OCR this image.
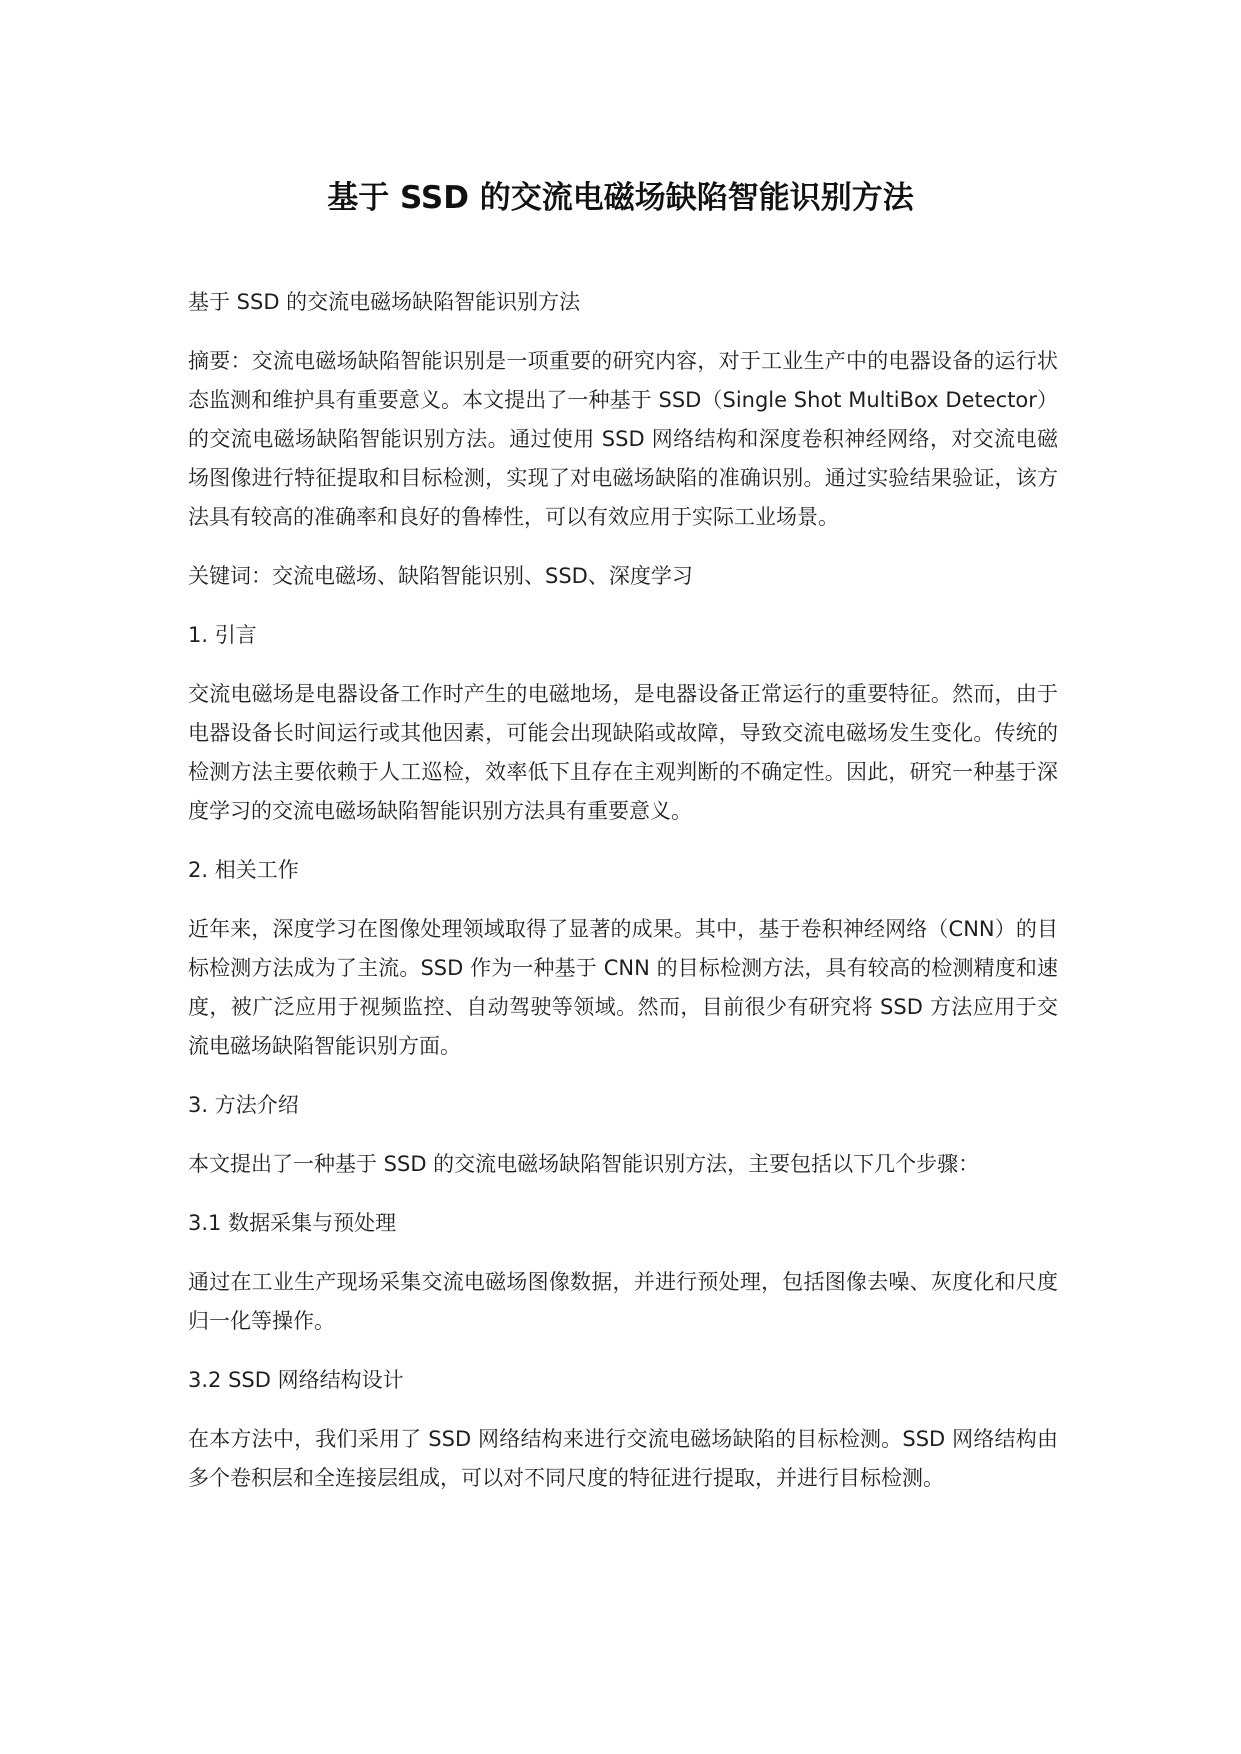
基于 SSD 的交流电磁场缺陷智能识别方法

基于 SSD 的交流电磁场缺陷智能识别方法

摘要：交流电磁场缺陷智能识别是一项重要的研究内容，对于工业生产中的电器设备的运行状态监测和维护具有重要意义。本文提出了一种基于 SSD（Single Shot MultiBox Detector）的交流电磁场缺陷智能识别方法。通过使用 SSD 网络结构和深度卷积神经网络，对交流电磁场图像进行特征提取和目标检测，实现了对电磁场缺陷的准确识别。通过实验结果验证，该方法具有较高的准确率和良好的鲁棒性，可以有效应用于实际工业场景。

关键词：交流电磁场、缺陷智能识别、SSD、深度学习

1. 引言

交流电磁场是电器设备工作时产生的电磁地场，是电器设备正常运行的重要特征。然而，由于电器设备长时间运行或其他因素，可能会出现缺陷或故障，导致交流电磁场发生变化。传统的检测方法主要依赖于人工巡检，效率低下且存在主观判断的不确定性。因此，研究一种基于深度学习的交流电磁场缺陷智能识别方法具有重要意义。

2. 相关工作

近年来，深度学习在图像处理领域取得了显著的成果。其中，基于卷积神经网络（CNN）的目标检测方法成为了主流。SSD 作为一种基于 CNN 的目标检测方法，具有较高的检测精度和速度，被广泛应用于视频监控、自动驾驶等领域。然而，目前很少有研究将 SSD 方法应用于交流电磁场缺陷智能识别方面。

3. 方法介绍

本文提出了一种基于 SSD 的交流电磁场缺陷智能识别方法，主要包括以下几个步骤：

3.1 数据采集与预处理

通过在工业生产现场采集交流电磁场图像数据，并进行预处理，包括图像去噪、灰度化和尺度归一化等操作。

3.2 SSD 网络结构设计

在本方法中，我们采用了 SSD 网络结构来进行交流电磁场缺陷的目标检测。SSD 网络结构由多个卷积层和全连接层组成，可以对不同尺度的特征进行提取，并进行目标检测。
